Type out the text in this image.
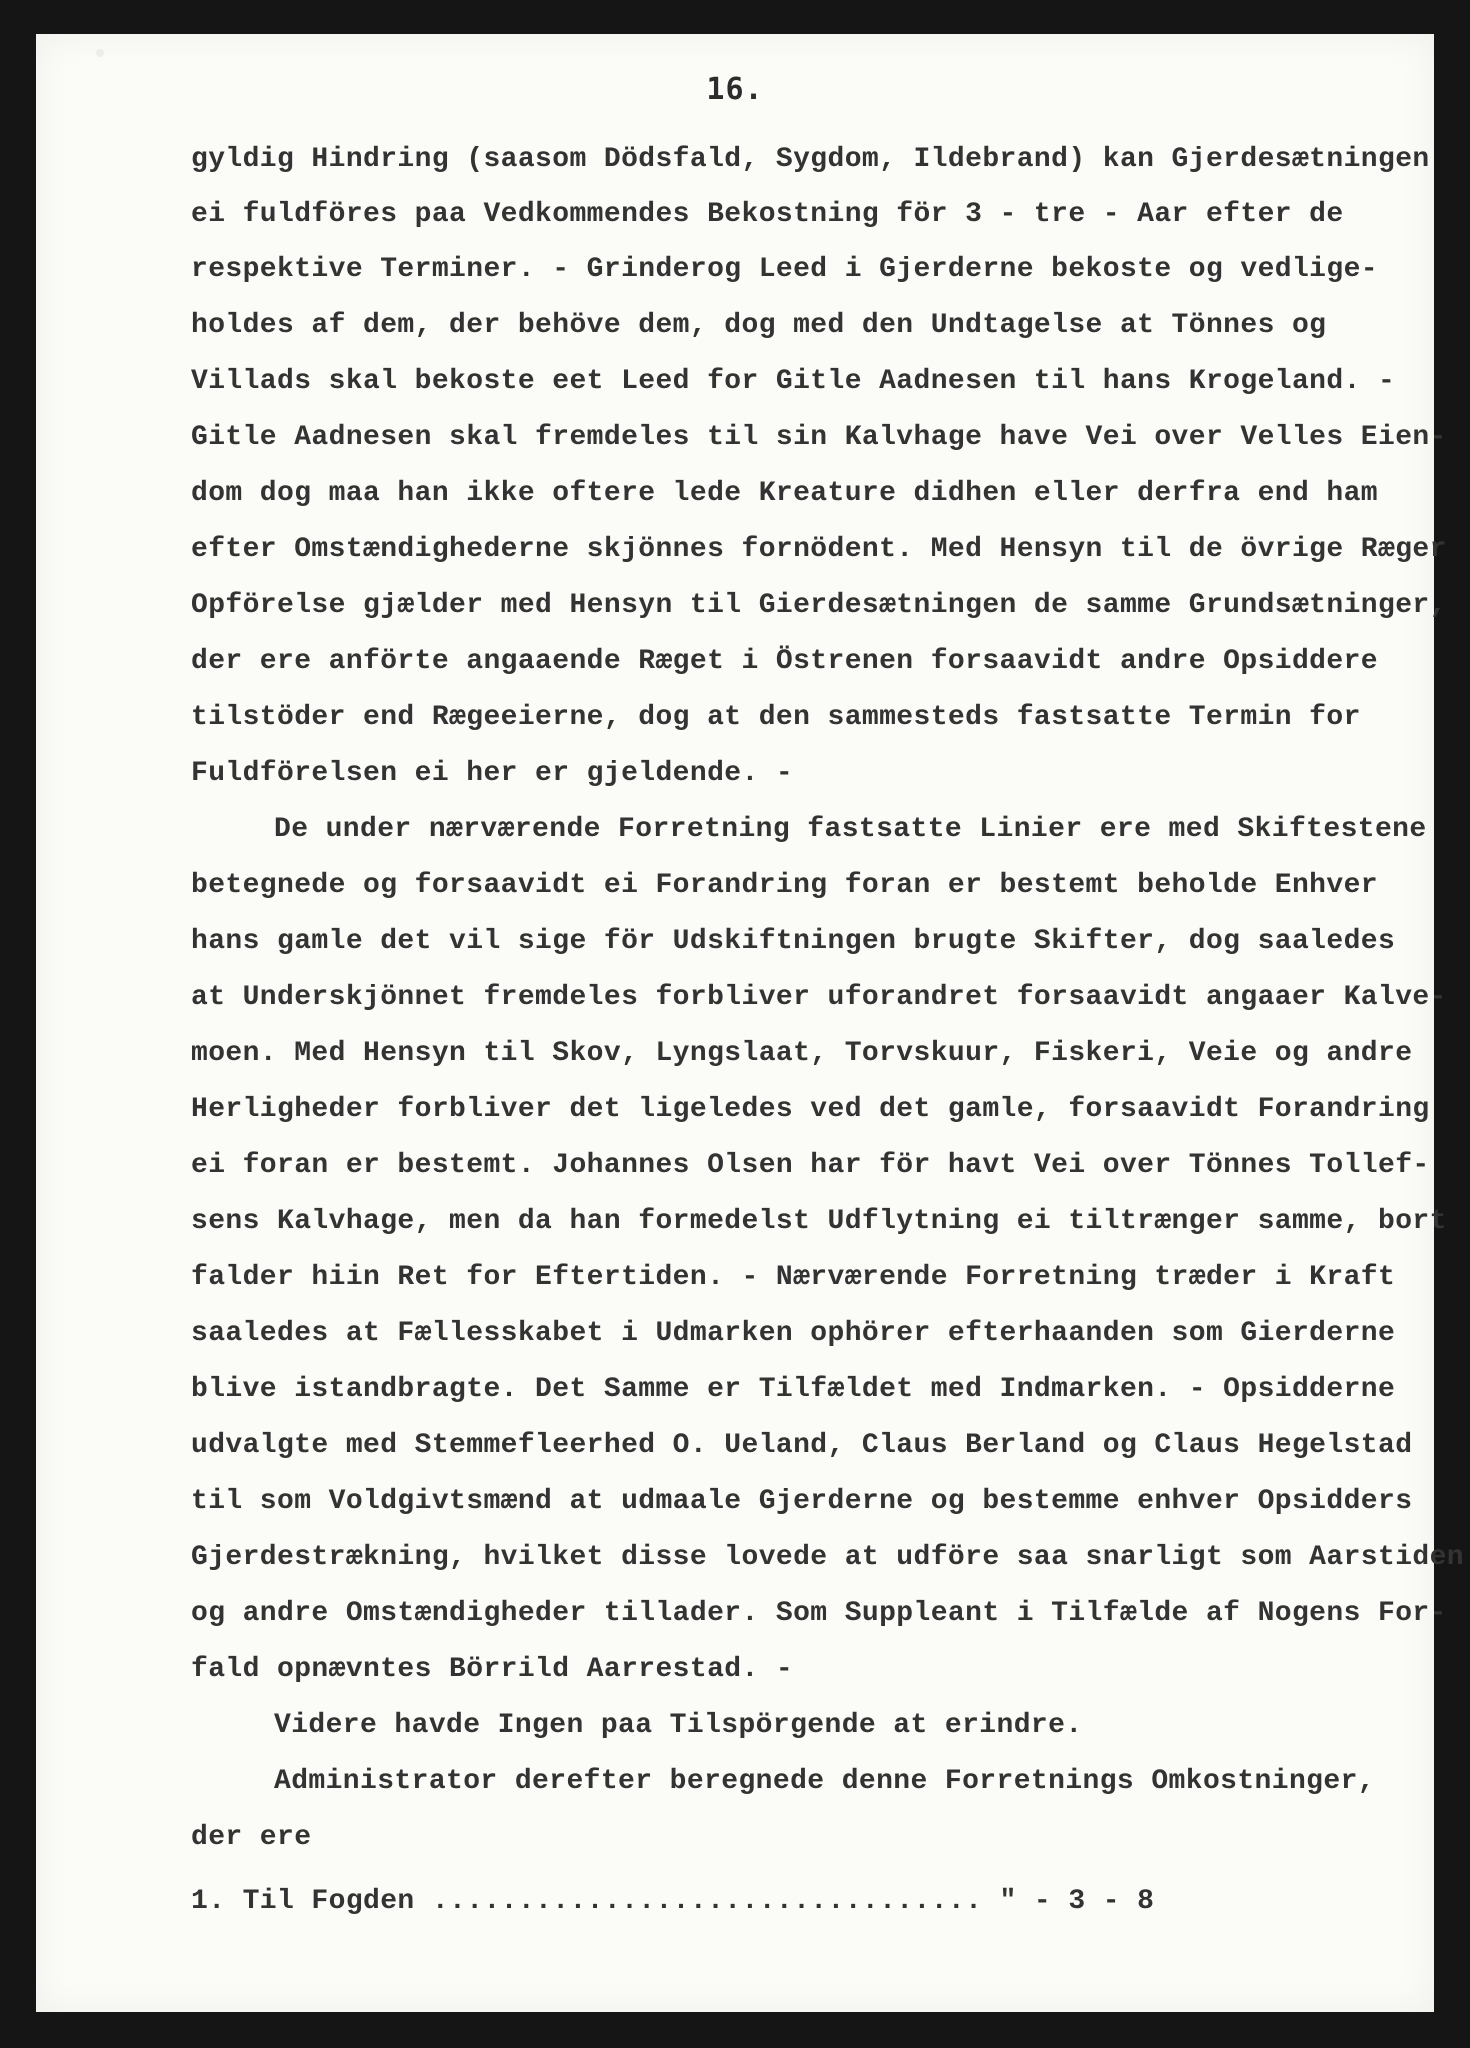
16.
gyldig Hindring (saasom Dödsfald, Sygdom, Ildebrand) kan Gjerdesætningen
ei fuldföres paa Vedkommendes Bekostning för 3 - tre - Aar efter de
respektive Terminer. - Grinderog Leed i Gjerderne bekoste og vedlige-
holdes af dem, der behöve dem, dog med den Undtagelse at Tönnes og
Villads skal bekoste eet Leed for Gitle Aadnesen til hans Krogeland. -
Gitle Aadnesen skal fremdeles til sin Kalvhage have Vei over Velles Eien-
dom dog maa han ikke oftere lede Kreature didhen eller derfra end ham
efter Omstændighederne skjönnes fornödent. Med Hensyn til de övrige Ræger
Opförelse gjælder med Hensyn til Gierdesætningen de samme Grundsætninger,
der ere anförte angaaende Ræget i Östrenen forsaavidt andre Opsiddere
tilstöder end Rægeeierne, dog at den sammesteds fastsatte Termin for
Fuldförelsen ei her er gjeldende. -
De under nærværende Forretning fastsatte Linier ere med Skiftestene
betegnede og forsaavidt ei Forandring foran er bestemt beholde Enhver
hans gamle det vil sige för Udskiftningen brugte Skifter, dog saaledes
at Underskjönnet fremdeles forbliver uforandret forsaavidt angaaer Kalve-
moen. Med Hensyn til Skov, Lyngslaat, Torvskuur, Fiskeri, Veie og andre
Herligheder forbliver det ligeledes ved det gamle, forsaavidt Forandring
ei foran er bestemt. Johannes Olsen har för havt Vei over Tönnes Tollef-
sens Kalvhage, men da han formedelst Udflytning ei tiltrænger samme, bort
falder hiin Ret for Eftertiden. - Nærværende Forretning træder i Kraft
saaledes at Fællesskabet i Udmarken ophörer efterhaanden som Gierderne
blive istandbragte. Det Samme er Tilfældet med Indmarken. - Opsidderne
udvalgte med Stemmefleerhed O. Ueland, Claus Berland og Claus Hegelstad
til som Voldgivtsmænd at udmaale Gjerderne og bestemme enhver Opsidders
Gjerdestrækning, hvilket disse lovede at udföre saa snarligt som Aarstiden
og andre Omstændigheder tillader. Som Suppleant i Tilfælde af Nogens For-
fald opnævntes Börrild Aarrestad. -
Videre havde Ingen paa Tilspörgende at erindre.
Administrator derefter beregnede denne Forretnings Omkostninger,
der ere
1. Til Fogden ................................ " - 3 - 8
